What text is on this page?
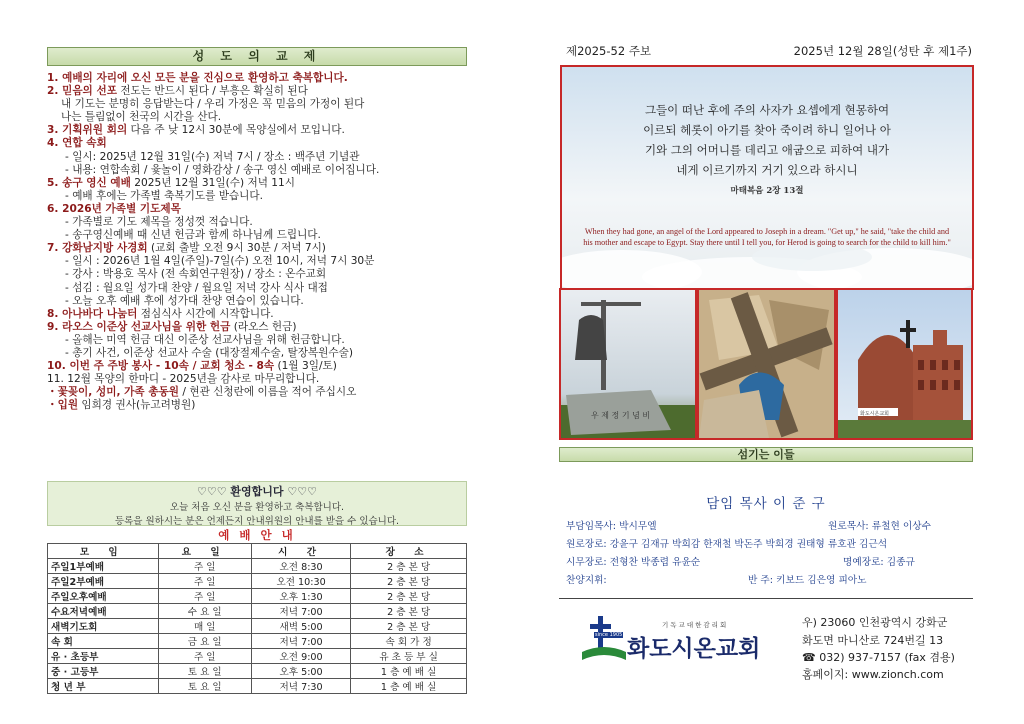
성 도 의 교 제
1. 예배의 자리에 오신 모든 분을 진심으로 환영하고 축복합니다.
2. 믿음의 선포 전도는 반드시 된다 / 부흥은 확실히 된다
내 기도는 분명히 응답받는다 / 우리 가정은 꼭 믿음의 가정이 된다
나는 틀림없이 천국의 시간을 산다.
3. 기획위원 회의 다음 주 낮 12시 30분에 목양실에서 모입니다.
4. 연합 속회
- 일시: 2025년 12월 31일(수) 저녁 7시 / 장소 : 백주년 기념관
- 내용: 연합속회 / 윷놀이 / 영화감상 / 송구 영신 예배로 이어집니다.
5. 송구 영신 예배 2025년 12월 31일(수) 저녁 11시
- 예배 후에는 가족별 축복기도를 받습니다.
6. 2026년 가족별 기도제목
- 가족별로 기도 제목을 정성껏 적습니다.
- 송구영신예배 때 신년 헌금과 함께 하나님께 드립니다.
7. 강화남지방 사경회 (교회 출발 오전 9시 30분 / 저녁 7시)
- 일시 : 2026년 1월 4일(주일)-7일(수) 오전 10시, 저녁 7시 30분
- 강사 : 박용호 목사 (전 속회연구원장) / 장소 : 온수교회
- 섬김 : 월요일 성가대 찬양 / 월요일 저녁 강사 식사 대접
- 오늘 오후 예배 후에 성가대 찬양 연습이 있습니다.
8. 아나바다 나눔터 점심식사 시간에 시작합니다.
9. 라오스 이준상 선교사님을 위한 헌금 (라오스 헌금)
- 올해는 미역 헌금 대신 이준상 선교사님을 위해 헌금합니다.
- 총기 사건, 이준상 선교사 수술 (대장절제수술, 탈장복원수술)
10. 이번 주 주방 봉사 - 10속 / 교회 청소 - 8속 (1월 3일/토)
11. 12월 목양의 한마디 - 2025년을 감사로 마무리합니다.
・꽃꽂이, 성미, 가족 총동원 / 현관 신청란에 이름을 적어 주십시오
・입원 임희경 권사(뉴고려병원)
♡♡♡ 환영합니다 ♡♡♡
오늘 처음 오신 분을 환영하고 축복합니다.
등록을 원하시는 분은 언제든지 안내위원의 안내를 받을 수 있습니다.
예 배 안 내
모 임	요 일	시 간	장 소
주일1부예배	주 일	오전 8:30	2 층 본 당
주일2부예배	주 일	오전 10:30	2 층 본 당
주일오후예배	주 일	오후 1:30	2 층 본 당
수요저녁예배	수 요 일	저녁 7:00	2 층 본 당
새벽기도회	매 일	새벽 5:00	2 층 본 당
속 회	금 요 일	저녁 7:00	속 회 가 정
유 · 초등부	주 일	오전 9:00	유 초 등 부 실
중 · 고등부	토 요 일	오후 5:00	1 층 예 배 실
청 년 부	토 요 일	저녁 7:30	1 층 예 배 실
제2025-52 주보	2025년 12월 28일(성탄 후 제1주)
그들이 떠난 후에 주의 사자가 요셉에게 현몽하여
이르되 헤롯이 아기를 찾아 죽이려 하니 일어나 아
기와 그의 어머니를 데리고 애굽으로 피하여 내가
네게 이르기까지 거기 있으라 하시니
마태복음 2장 13절
When they had gone, an angel of the Lord appeared to Joseph in a dream. "Get up," he said, "take the child and his mother and escape to Egypt. Stay there until I tell you, for Herod is going to search for the child to kill him."
우 제 정 기 념 비	화도시온교회
섬기는 이들
담임 목사 이 준 구
부담임목사: 박시무엘	원로목사: 류철현 이상수
원로장로: 강윤구 김재규 박희감 한재철 박돈주 박희경 권태형 류호관 김근석
시무장로: 전형찬 박종렵 유윤순	명예장로: 김종규
찬양지휘:	반 주: 키보드 김은영 피아노
since 1905
기독교대한감리회
화도시온교회
우) 23060 인천광역시 강화군
화도면 마니산로 724번길 13
☎ 032) 937-7157 (fax 겸용)
홈페이지: www.zionch.com
